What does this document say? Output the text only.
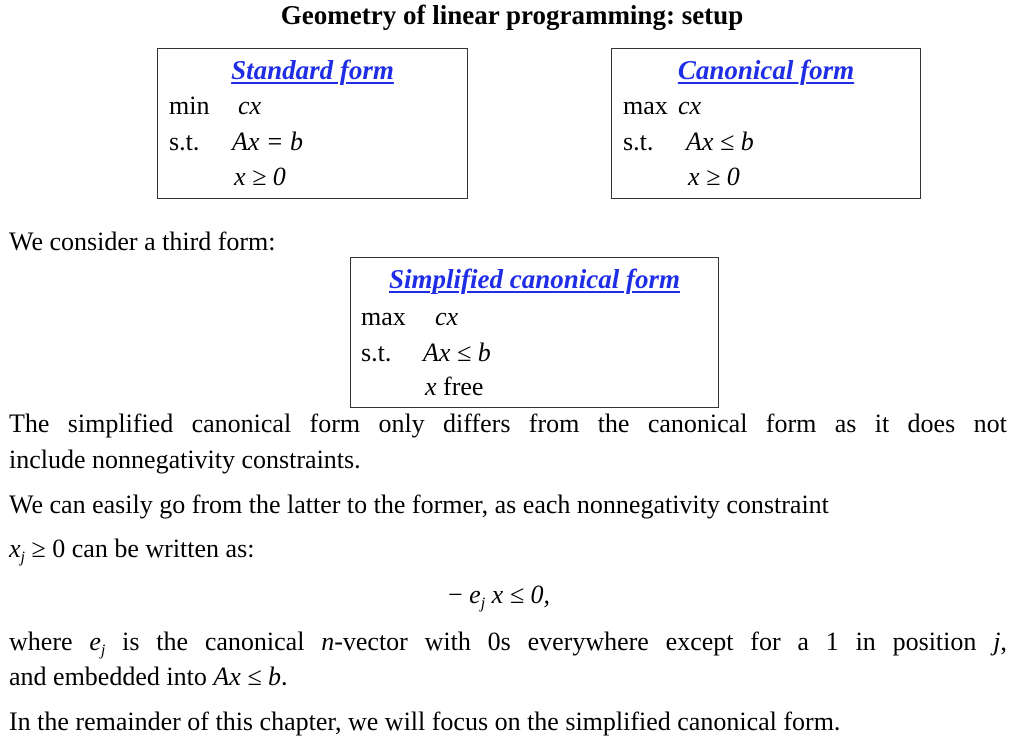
Geometry of linear programming: setup
Standard form
min cx
s.t. Ax = b
x ≥ 0
Canonical form
max cx
s.t. Ax ≤ b
x ≥ 0
We consider a third form:
Simplified canonical form
max cx
s.t. Ax ≤ b
x free
The simplified canonical form only differs from the canonical form as it does not
include nonnegativity constraints.
We can easily go from the latter to the former, as each nonnegativity constraint
$x_j \ge 0$ can be written as:
− $e_j$ x ≤ 0,
where $e_j$ is the canonical n-vector with 0s everywhere except for a 1 in position j,
and embedded into Ax ≤ b.
In the remainder of this chapter, we will focus on the simplified canonical form.
